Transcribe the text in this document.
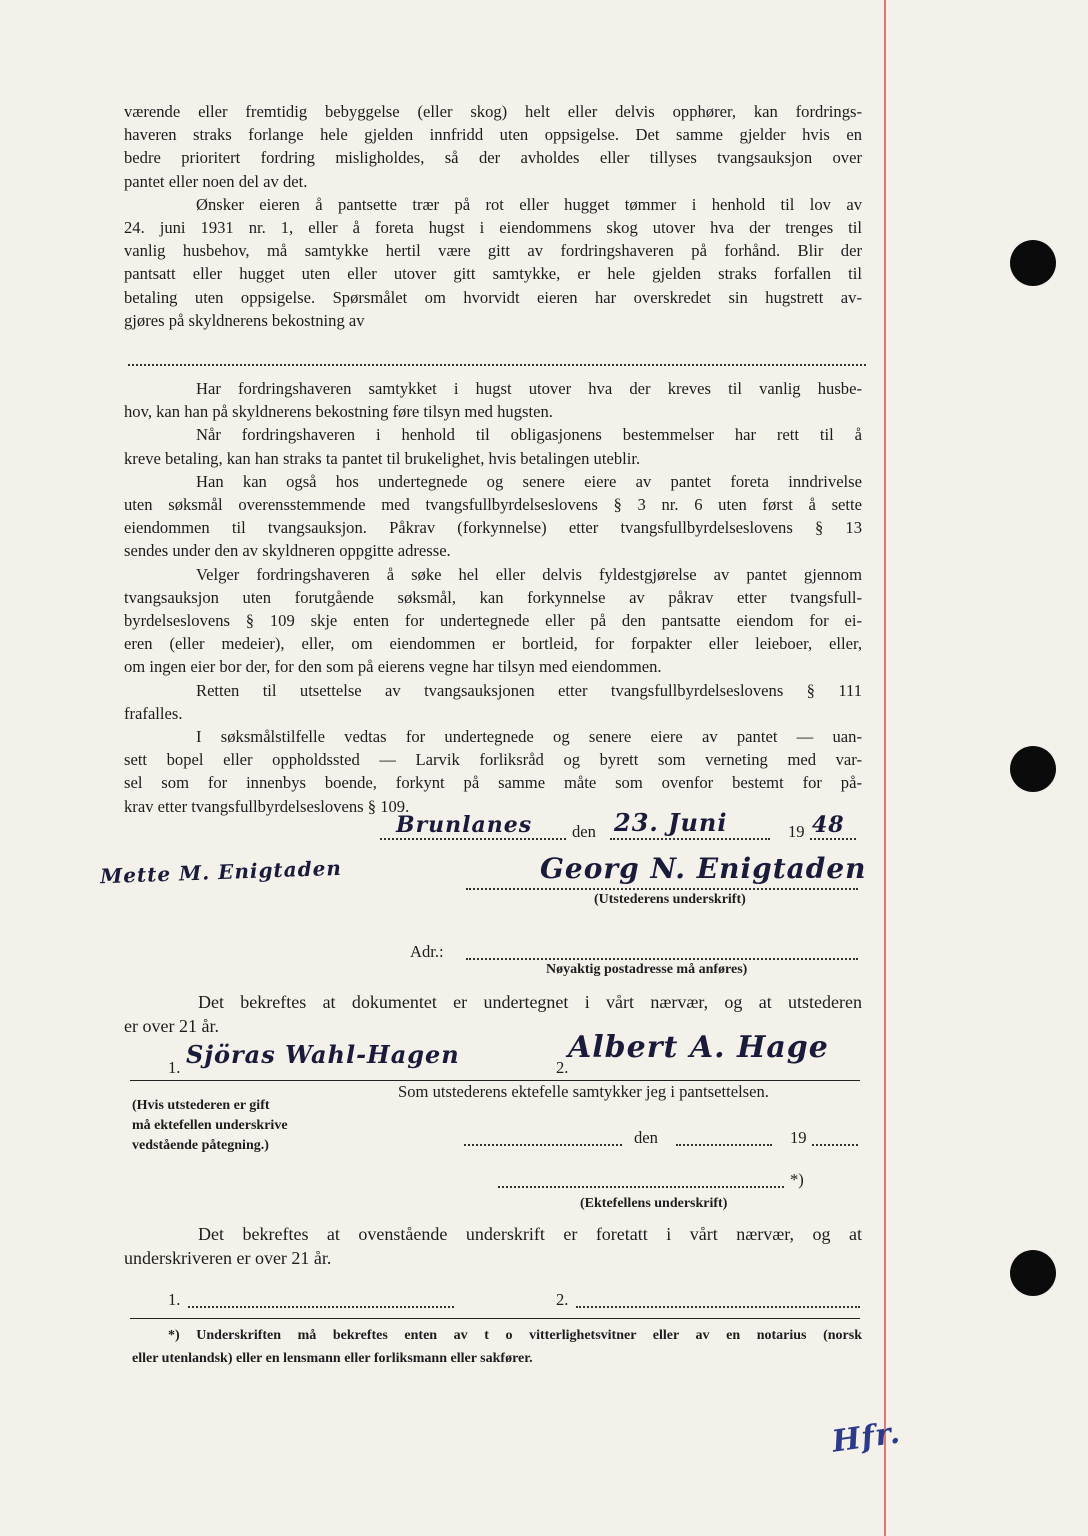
værende eller fremtidig bebyggelse (eller skog) helt eller delvis opphører, kan fordrings-
haveren straks forlange hele gjelden innfridd uten oppsigelse. Det samme gjelder hvis en
bedre prioritert fordring misligholdes, så der avholdes eller tillyses tvangsauksjon over
pantet eller noen del av det.

Ønsker eieren å pantsette trær på rot eller hugget tømmer i henhold til lov av
24. juni 1931 nr. 1, eller å foreta hugst i eiendommens skog utover hva der trenges til
vanlig husbehov, må samtykke hertil være gitt av fordringshaveren på forhånd. Blir der
pantsatt eller hugget uten eller utover gitt samtykke, er hele gjelden straks forfallen til
betaling uten oppsigelse. Spørsmålet om hvorvidt eieren har overskredet sin hugstrett av-
gjøres på skyldnerens bekostning av

Har fordringshaveren samtykket i hugst utover hva der kreves til vanlig husbe-
hov, kan han på skyldnerens bekostning føre tilsyn med hugsten.

Når fordringshaveren i henhold til obligasjonens bestemmelser har rett til å
kreve betaling, kan han straks ta pantet til brukelighet, hvis betalingen uteblir.

Han kan også hos undertegnede og senere eiere av pantet foreta inndrivelse
uten søksmål overensstemmende med tvangsfullbyrdelseslovens § 3 nr. 6 uten først å sette
eiendommen til tvangsauksjon. Påkrav (forkynnelse) etter tvangsfullbyrdelseslovens § 13
sendes under den av skyldneren oppgitte adresse.

Velger fordringshaveren å søke hel eller delvis fyldestgjørelse av pantet gjennom
tvangsauksjon uten forutgående søksmål, kan forkynnelse av påkrav etter tvangsfull-
byrdelseslovens § 109 skje enten for undertegnede eller på den pantsatte eiendom for ei-
eren (eller medeier), eller, om eiendommen er bortleid, for forpakter eller leieboer, eller,
om ingen eier bor der, for den som på eierens vegne har tilsyn med eiendommen.

Retten til utsettelse av tvangsauksjonen etter tvangsfullbyrdelseslovens § 111
frafalles.

I søksmålstilfelle vedtas for undertegnede og senere eiere av pantet — uan-
sett bopel eller oppholdssted — Larvik forliksråd og byrett som verneting med var-
sel som for innenbys boende, forkynt på samme måte som ovenfor bestemt for på-
krav etter tvangsfullbyrdelseslovens § 109.

Brunlanes den 23. Juni	19 48
Mette M. Enigtaden	Georg N. Enigtaden
(Utstederens underskrift)
Adr.:
Nøyaktig postadresse må anføres)
Det bekreftes at dokumentet er undertegnet i vårt nærvær, og at utstederen
er over 21 år.
1. Sjöras Wahl-Hagen	2.
Albert A. Hage
Som utstederens ektefelle samtykker jeg i pantsettelsen.
(Hvis utstederen er gift
må ektefellen underskrive
vedstående påtegning.)	den	19
*)
(Ektefellens underskrift)
Det bekreftes at ovenstående underskrift er foretatt i vårt nærvær, og at
underskriveren er over 21 år.
1.	2.
*) Underskriften må bekreftes enten av t o vitterlighetsvitner eller av en notarius (norsk
eller utenlandsk) eller en lensmann eller forliksmann eller sakfører.
Hfr.
